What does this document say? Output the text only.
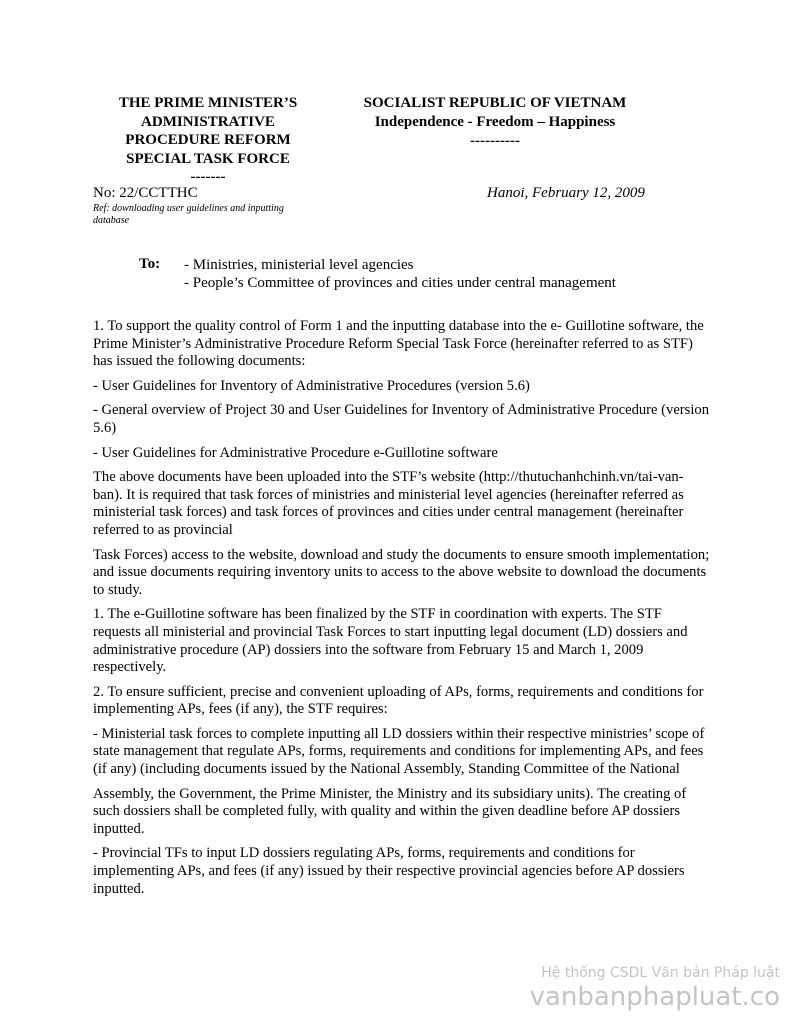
THE PRIME MINISTER’S
ADMINISTRATIVE
PROCEDURE REFORM
SPECIAL TASK FORCE
-------
SOCIALIST REPUBLIC OF VIETNAM
Independence - Freedom – Happiness
----------
No: 22/CCTTHC
Ref: downloading user guidelines and inputting database
Hanoi, February 12, 2009
To: - Ministries, ministerial level agencies
- People’s Committee of provinces and cities under central management

1. To support the quality control of Form 1 and the inputting database into the e- Guillotine software, the Prime Minister’s Administrative Procedure Reform Special Task Force (hereinafter referred to as STF) has issued the following documents:

- User Guidelines for Inventory of Administrative Procedures (version 5.6)

- General overview of Project 30 and User Guidelines for Inventory of Administrative Procedure (version 5.6)

- User Guidelines for Administrative Procedure e-Guillotine software

The above documents have been uploaded into the STF’s website (http://thutuchanhchinh.vn/tai-van-ban). It is required that task forces of ministries and ministerial level agencies (hereinafter referred as ministerial task forces) and task forces of provinces and cities under central management (hereinafter referred to as provincial

Task Forces) access to the website, download and study the documents to ensure smooth implementation; and issue documents requiring inventory units to access to the above website to download the documents to study.

1. The e-Guillotine software has been finalized by the STF in coordination with experts. The STF requests all ministerial and provincial Task Forces to start inputting legal document (LD) dossiers and administrative procedure (AP) dossiers into the software from February 15 and March 1, 2009 respectively.

2. To ensure sufficient, precise and convenient uploading of APs, forms, requirements and conditions for implementing APs, fees (if any), the STF requires:

- Ministerial task forces to complete inputting all LD dossiers within their respective ministries’ scope of state management that regulate APs, forms, requirements and conditions for implementing APs, and fees (if any) (including documents issued by the National Assembly, Standing Committee of the National

Assembly, the Government, the Prime Minister, the Ministry and its subsidiary units). The creating of such dossiers shall be completed fully, with quality and within the given deadline before AP dossiers inputted.

- Provincial TFs to input LD dossiers regulating APs, forms, requirements and conditions for implementing APs, and fees (if any) issued by their respective provincial agencies before AP dossiers inputted.

Hệ thống CSDL Văn bản Pháp luật
vanbanphapluat.co
